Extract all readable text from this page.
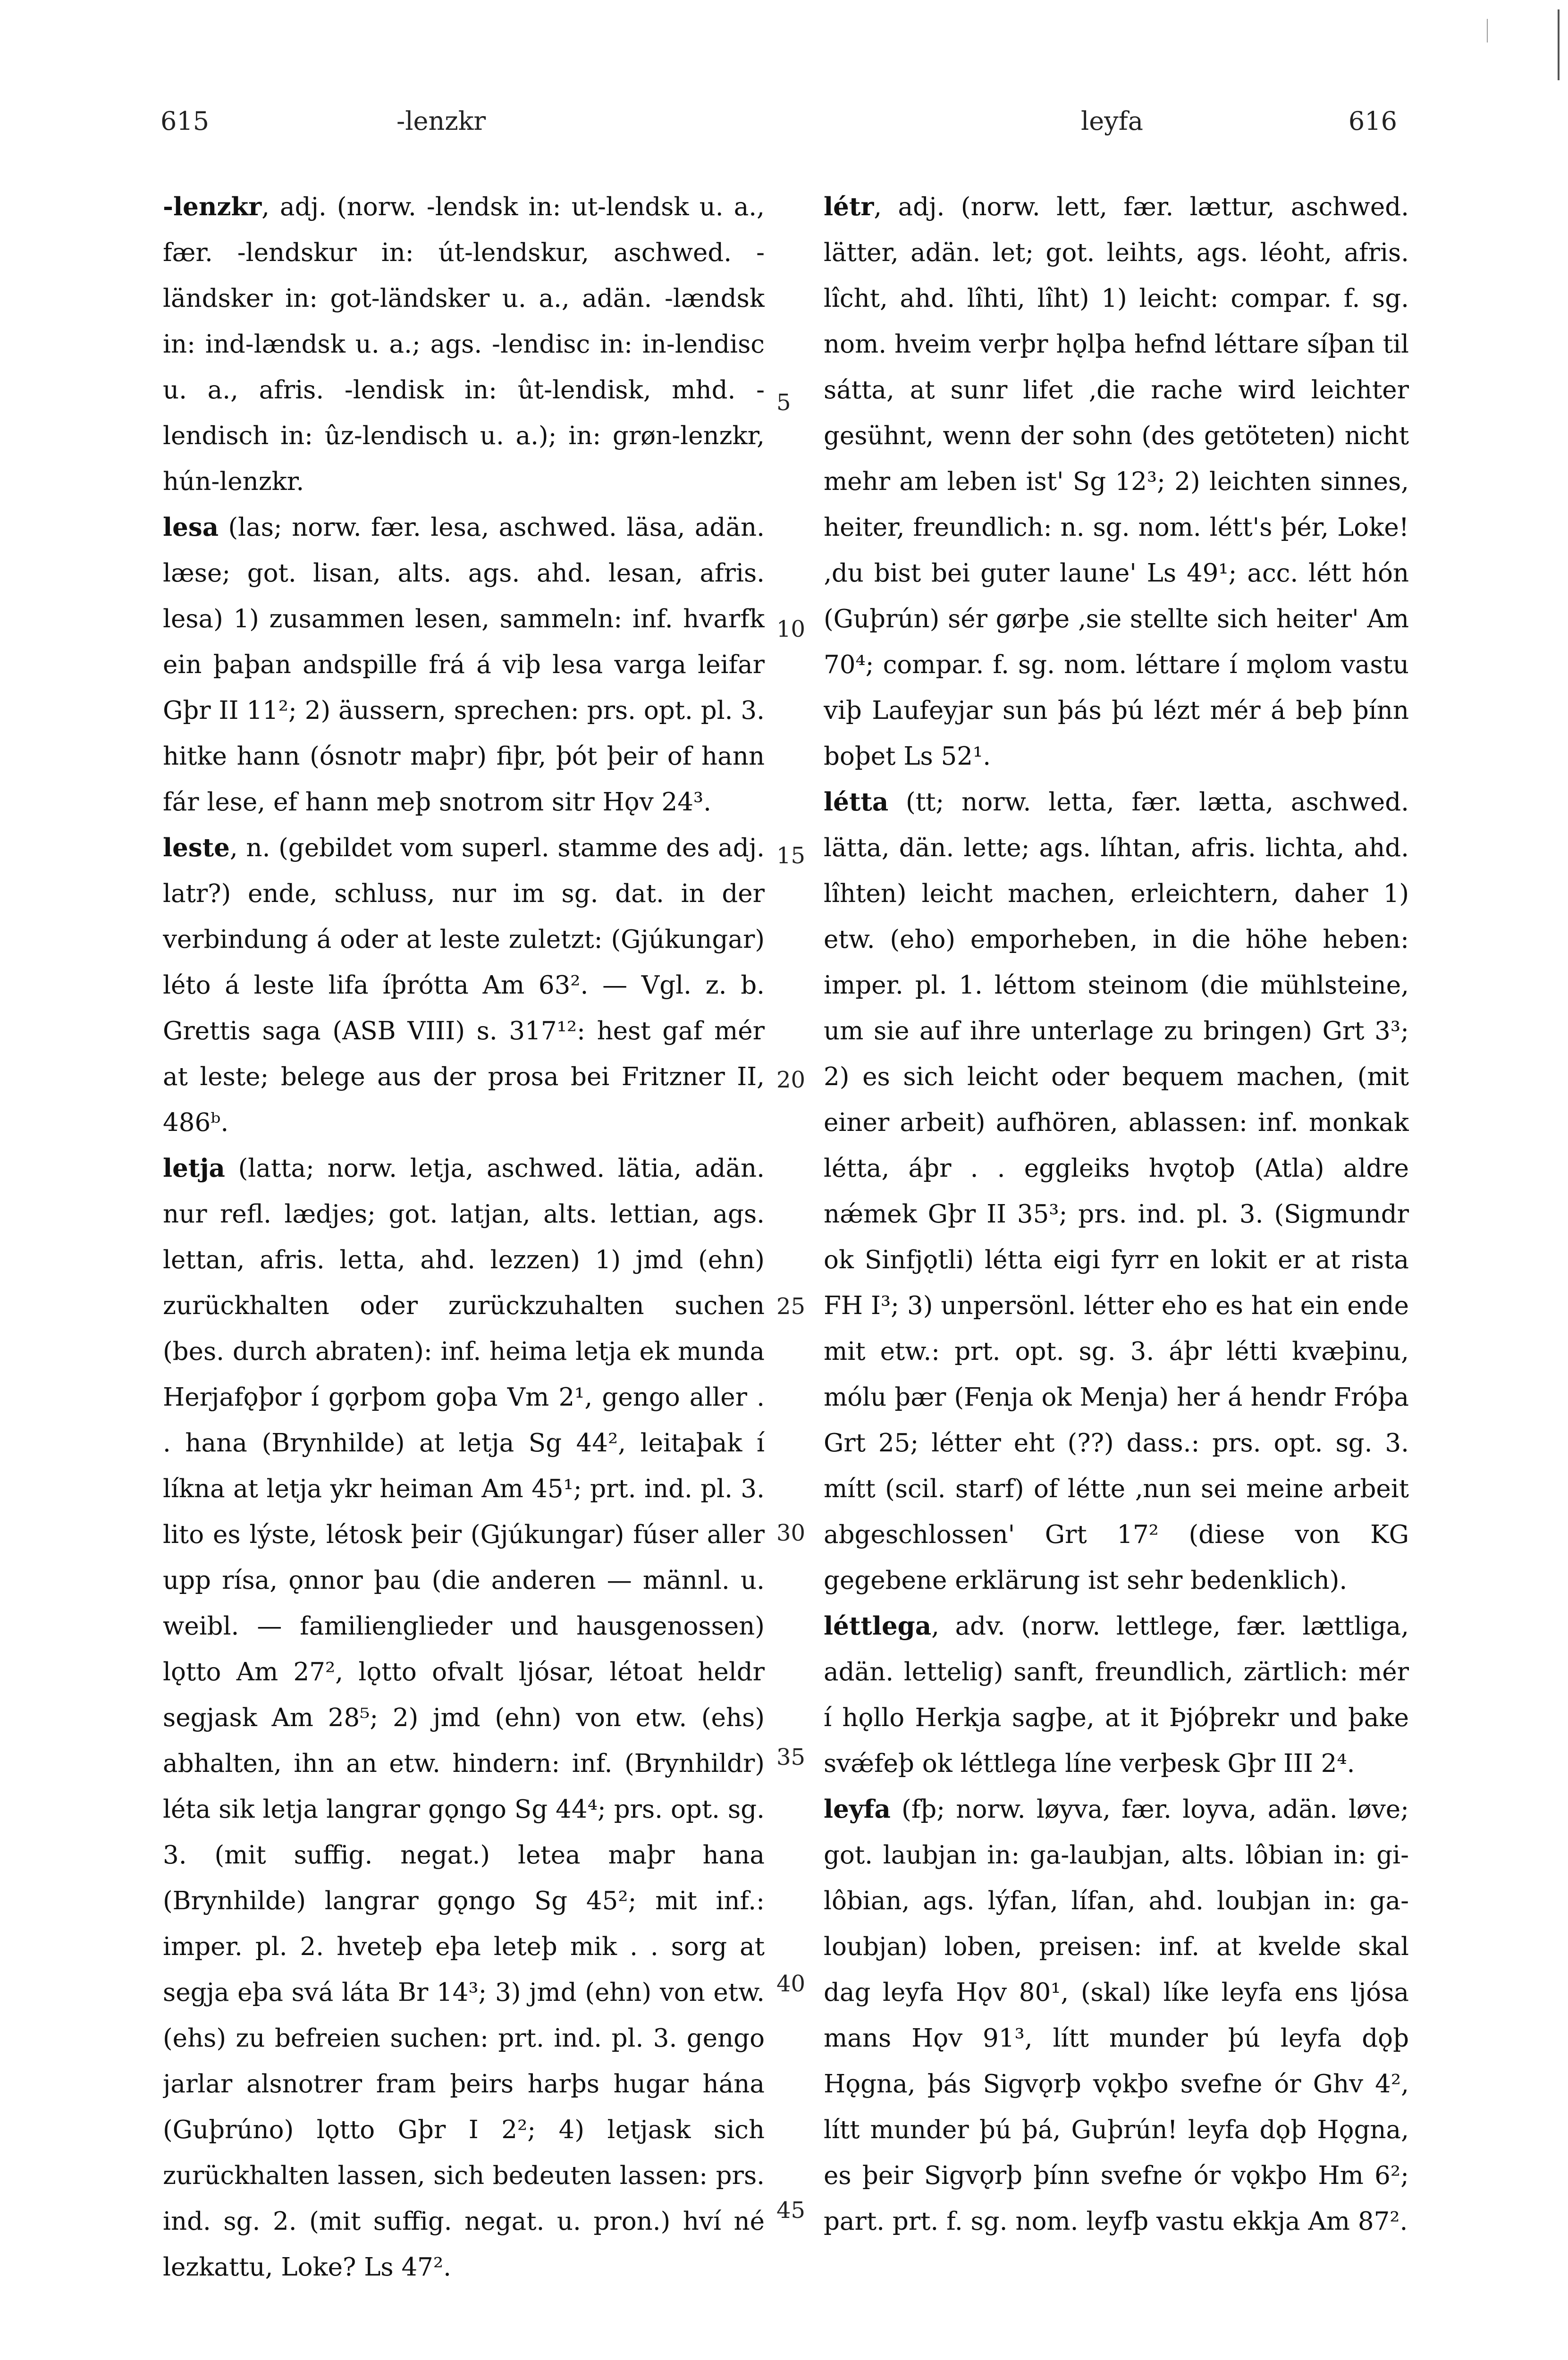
615	-lenzkr	leyfa	616

-lenzkr, adj. (norw. -lendsk in: ut-lendsk u. a., fær. -lendskur in: út-lendskur, aschwed. -ländsker in: got-ländsker u. a., adän. -lændsk in: ind-lændsk u. a.; ags. -lendisc in: in-lendisc u. a., afris. -lendisk in: ût-lendisk, mhd. -lendisch in: ûz-lendisch u. a.); in: grøn-lenzkr, hún-lenzkr.

lesa (las; norw. fær. lesa, aschwed. läsa, adän. læse; got. lisan, alts. ags. ahd. lesan, afris. lesa) 1) zusammen lesen, sammeln: inf. hvarfk ein þaþan andspille frá á viþ lesa varga leifar Gþr II 11²; 2) äussern, sprechen: prs. opt. pl. 3. hitke hann (ósnotr maþr) fiþr, þót þeir of hann fár lese, ef hann meþ snotrom sitr Hǫv 24³.

leste, n. (gebildet vom superl. stamme des adj. latr?) ende, schluss, nur im sg. dat. in der verbindung á oder at leste zuletzt: (Gjúkungar) léto á leste lifa íþrótta Am 63². — Vgl. z. b. Grettis saga (ASB VIII) s. 317¹²: hest gaf mér at leste; belege aus der prosa bei Fritzner II, 486ᵇ.

letja (latta; norw. letja, aschwed. lätia, adän. nur refl. lædjes; got. latjan, alts. lettian, ags. lettan, afris. letta, ahd. lezzen) 1) jmd (ehn) zurückhalten oder zurückzuhalten suchen (bes. durch abraten): inf. heima letja ek munda Herjafǫþor í gǫrþom goþa Vm 2¹, gengo aller . . hana (Brynhilde) at letja Sg 44², leitaþak í líkna at letja ykr heiman Am 45¹; prt. ind. pl. 3. lito es lýste, létosk þeir (Gjúkungar) fúser aller upp rísa, ǫnnor þau (die anderen — männl. u. weibl. — familienglieder und hausgenossen) lǫtto Am 27², lǫtto ofvalt ljósar, létoat heldr segjask Am 28⁵; 2) jmd (ehn) von etw. (ehs) abhalten, ihn an etw. hindern: inf. (Brynhildr) léta sik letja langrar gǫngo Sg 44⁴; prs. opt. sg. 3. (mit suffig. negat.) letea maþr hana (Brynhilde) langrar gǫngo Sg 45²; mit inf.: imper. pl. 2. hveteþ eþa leteþ mik . . sorg at segja eþa svá láta Br 14³; 3) jmd (ehn) von etw. (ehs) zu befreien suchen: prt. ind. pl. 3. gengo jarlar alsnotrer fram þeirs harþs hugar hána (Guþrúno) lǫtto Gþr I 2²; 4) letjask sich zurückhalten lassen, sich bedeuten lassen: prs. ind. sg. 2. (mit suffig. negat. u. pron.) hví né lezkattu, Loke? Ls 47².

5
10
15
20
25
30
35
40
45

létr, adj. (norw. lett, fær. lættur, aschwed. lätter, adän. let; got. leihts, ags. léoht, afris. lîcht, ahd. lîhti, lîht) 1) leicht: compar. f. sg. nom. hveim verþr hǫlþa hefnd léttare síþan til sátta, at sunr lifet ‚die rache wird leichter gesühnt, wenn der sohn (des getöteten) nicht mehr am leben ist' Sg 12³; 2) leichten sinnes, heiter, freundlich: n. sg. nom. létt's þér, Loke! ‚du bist bei guter laune' Ls 49¹; acc. létt hón (Guþrún) sér gørþe ‚sie stellte sich heiter' Am 70⁴; compar. f. sg. nom. léttare í mǫlom vastu viþ Laufeyjar sun þás þú lézt mér á beþ þínn boþet Ls 52¹.

létta (tt; norw. letta, fær. lætta, aschwed. lätta, dän. lette; ags. líhtan, afris. lichta, ahd. lîhten) leicht machen, erleichtern, daher 1) etw. (eho) emporheben, in die höhe heben: imper. pl. 1. léttom steinom (die mühlsteine, um sie auf ihre unterlage zu bringen) Grt 3³; 2) es sich leicht oder bequem machen, (mit einer arbeit) aufhören, ablassen: inf. monkak létta, áþr . . eggleiks hvǫtoþ (Atla) aldre nǽmek Gþr II 35³; prs. ind. pl. 3. (Sigmundr ok Sinfjǫtli) létta eigi fyrr en lokit er at rista FH I³; 3) unpersönl. létter eho es hat ein ende mit etw.: prt. opt. sg. 3. áþr létti kvæþinu, mólu þær (Fenja ok Menja) her á hendr Fróþa Grt 25; létter eht (??) dass.: prs. opt. sg. 3. mítt (scil. starf) of létte ‚nun sei meine arbeit abgeschlossen' Grt 17² (diese von KG gegebene erklärung ist sehr bedenklich).

léttlega, adv. (norw. lettlege, fær. lættliga, adän. lettelig) sanft, freundlich, zärtlich: mér í hǫllo Herkja sagþe, at it Þjóþrekr und þake svǽfeþ ok léttlega líne verþesk Gþr III 2⁴.

leyfa (fþ; norw. løyva, fær. loyva, adän. løve; got. laubjan in: ga-laubjan, alts. lôbian in: gi-lôbian, ags. lýfan, lífan, ahd. loubjan in: ga-loubjan) loben, preisen: inf. at kvelde skal dag leyfa Hǫv 80¹, (skal) líke leyfa ens ljósa mans Hǫv 91³, lítt munder þú leyfa dǫþ Hǫgna, þás Sigvǫrþ vǫkþo svefne ór Ghv 4², lítt munder þú þá, Guþrún! leyfa dǫþ Hǫgna, es þeir Sigvǫrþ þínn svefne ór vǫkþo Hm 6²; part. prt. f. sg. nom. leyfþ vastu ekkja Am 87².
